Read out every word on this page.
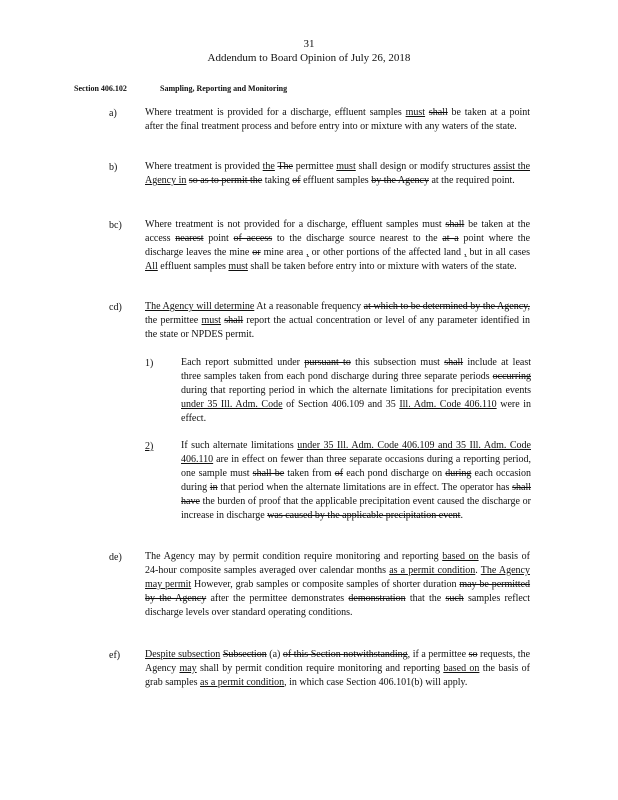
31
Addendum to Board Opinion of July 26, 2018
Section 406.102	Sampling, Reporting and Monitoring
a)	Where treatment is provided for a discharge, effluent samples must shall be taken at a point after the final treatment process and before entry into or mixture with any waters of the state.
b)	Where treatment is provided the The permittee must shall design or modify structures assist the Agency in so as to permit the taking of effluent samples by the Agency at the required point.
bc) Where treatment is not provided for a discharge, effluent samples must shall be taken at the access nearest point of access to the discharge source nearest to the at a point where the discharge leaves the mine or mine area , or other portions of the affected land , but in all cases All effluent samples must shall be taken before entry into or mixture with waters of the state.
cd) The Agency will determine At a reasonable frequency at which to be determined by the Agency, the permittee must shall report the actual concentration or level of any parameter identified in the state or NPDES permit.
1)	Each report submitted under pursuant to this subsection must shall include at least three samples taken from each pond discharge during three separate periods occurring during that reporting period in which the alternate limitations for precipitation events under 35 Ill. Adm. Code of Section 406.109 and 35 Ill. Adm. Code 406.110 were in effect.
2)	If such alternate limitations under 35 Ill. Adm. Code 406.109 and 35 Ill. Adm. Code 406.110 are in effect on fewer than three separate occasions during a reporting period, one sample must shall be taken from of each pond discharge on during each occasion during in that period when the alternate limitations are in effect. The operator has shall have the burden of proof that the applicable precipitation event caused the discharge or increase in discharge was caused by the applicable precipitation event.
de) The Agency may by permit condition require monitoring and reporting based on the basis of 24-hour composite samples averaged over calendar months as a permit condition. The Agency may permit However, grab samples or composite samples of shorter duration may be permitted by the Agency after the permittee demonstrates demonstration that the such samples reflect discharge levels over standard operating conditions.
ef) Despite subsection Subsection (a) of this Section notwithstanding, if a permittee so requests, the Agency may shall by permit condition require monitoring and reporting based on the basis of grab samples as a permit condition, in which case Section 406.101(b) will apply.
